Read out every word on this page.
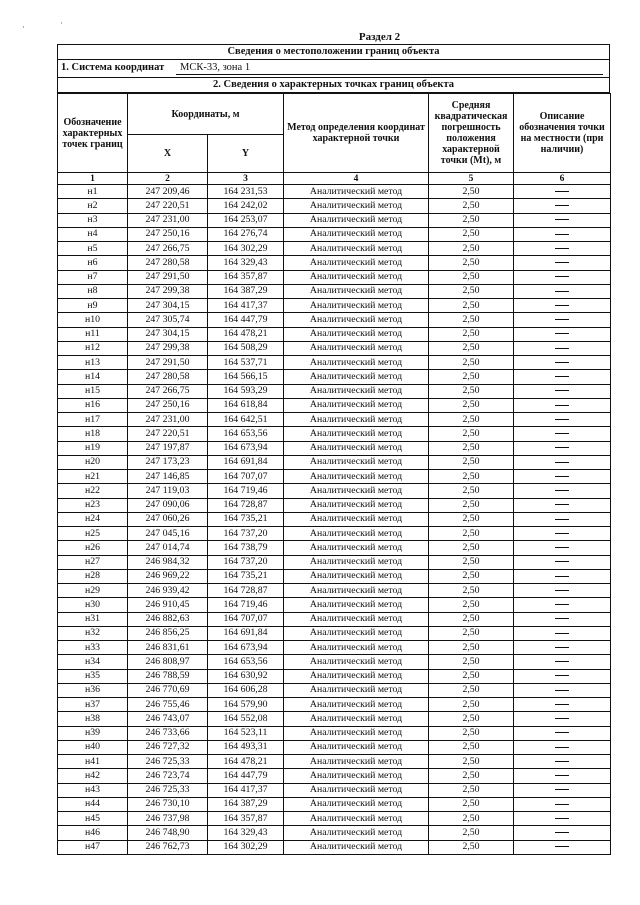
·	·
Раздел 2
Сведения о местоположении границ объекта
1. Система координат МСК-33, зона 1
2. Сведения о характерных точках границ объекта
Обозначение характерных точек границ	Координаты, м		Метод определения координат характерной точки	Средняя квадратическая погрешность положения характерной точки (Mt), м	Описание обозначения точки на местности (при наличии)
	X	Y			
1	2	3	4	5	6
н1	247 209,46	164 231,53	Аналитический метод	2,50	
н2	247 220,51	164 242,02	Аналитический метод	2,50	
н3	247 231,00	164 253,07	Аналитический метод	2,50	
н4	247 250,16	164 276,74	Аналитический метод	2,50	
н5	247 266,75	164 302,29	Аналитический метод	2,50	
н6	247 280,58	164 329,43	Аналитический метод	2,50	
н7	247 291,50	164 357,87	Аналитический метод	2,50	
н8	247 299,38	164 387,29	Аналитический метод	2,50	
н9	247 304,15	164 417,37	Аналитический метод	2,50	
н10	247 305,74	164 447,79	Аналитический метод	2,50	
н11	247 304,15	164 478,21	Аналитический метод	2,50	
н12	247 299,38	164 508,29	Аналитический метод	2,50	
н13	247 291,50	164 537,71	Аналитический метод	2,50	
н14	247 280,58	164 566,15	Аналитический метод	2,50	
н15	247 266,75	164 593,29	Аналитический метод	2,50	
н16	247 250,16	164 618,84	Аналитический метод	2,50	
н17	247 231,00	164 642,51	Аналитический метод	2,50	
н18	247 220,51	164 653,56	Аналитический метод	2,50	
н19	247 197,87	164 673,94	Аналитический метод	2,50	
н20	247 173,23	164 691,84	Аналитический метод	2,50	
н21	247 146,85	164 707,07	Аналитический метод	2,50	
н22	247 119,03	164 719,46	Аналитический метод	2,50	
н23	247 090,06	164 728,87	Аналитический метод	2,50	
н24	247 060,26	164 735,21	Аналитический метод	2,50	
н25	247 045,16	164 737,20	Аналитический метод	2,50	
н26	247 014,74	164 738,79	Аналитический метод	2,50	
н27	246 984,32	164 737,20	Аналитический метод	2,50	
н28	246 969,22	164 735,21	Аналитический метод	2,50	
н29	246 939,42	164 728,87	Аналитический метод	2,50	
н30	246 910,45	164 719,46	Аналитический метод	2,50	
н31	246 882,63	164 707,07	Аналитический метод	2,50	
н32	246 856,25	164 691,84	Аналитический метод	2,50	
н33	246 831,61	164 673,94	Аналитический метод	2,50	
н34	246 808,97	164 653,56	Аналитический метод	2,50	
н35	246 788,59	164 630,92	Аналитический метод	2,50	
н36	246 770,69	164 606,28	Аналитический метод	2,50	
н37	246 755,46	164 579,90	Аналитический метод	2,50	
н38	246 743,07	164 552,08	Аналитический метод	2,50	
н39	246 733,66	164 523,11	Аналитический метод	2,50	
н40	246 727,32	164 493,31	Аналитический метод	2,50	
н41	246 725,33	164 478,21	Аналитический метод	2,50	
н42	246 723,74	164 447,79	Аналитический метод	2,50	
н43	246 725,33	164 417,37	Аналитический метод	2,50	
н44	246 730,10	164 387,29	Аналитический метод	2,50	
н45	246 737,98	164 357,87	Аналитический метод	2,50	
н46	246 748,90	164 329,43	Аналитический метод	2,50	
н47	246 762,73	164 302,29	Аналитический метод	2,50	
